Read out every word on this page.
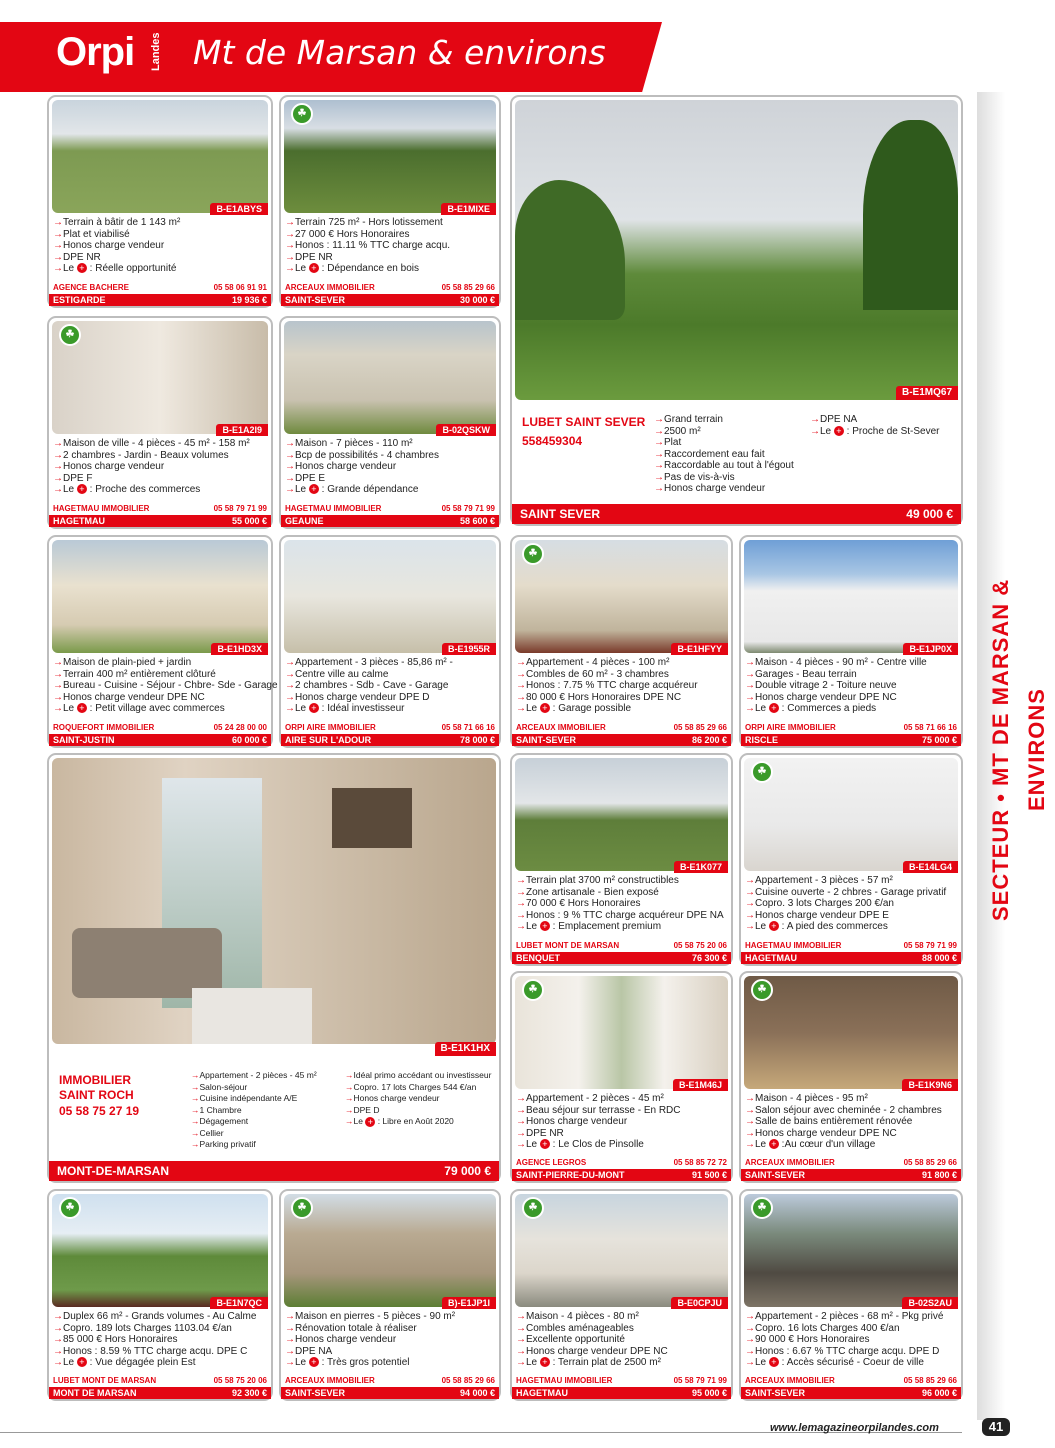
Orpi Landes Mt de Marsan & environs
SECTEUR • MT DE MARSAN & ENVIRONS
B-E1MQ67
LUBET SAINT SEVER
558459304
→ Grand terrain
→ 2500 m²
→ Plat
→ Raccordement eau fait
→ Raccordable au tout à l'égout
→ Pas de vis-à-vis
→ Honos charge vendeur
→ DPE NA
→ Le + : Proche de St-Sever
SAINT SEVER	49 000 €
B-E1K1HX
IMMOBILIER
SAINT ROCH
05 58 75 27 19
→ Appartement - 2 pièces - 45 m²
→ Salon-séjour
→ Cuisine indépendante A/E
→ 1 Chambre
→ Dégagement
→ Cellier
→ Parking privatif
→ Idéal primo accédant ou investisseur
→ Copro. 17 lots Charges 544 €/an
→ Honos charge vendeur
→ DPE D
→ Le + : Libre en Août 2020
MONT-DE-MARSAN	79 000 €
B-E1ABYS
→ Terrain à bâtir de 1 143 m²
→ Plat et viabilisé
→ Honos charge vendeur
→ DPE NR
→ Le + : Réelle opportunité
AGENCE BACHERE	05 58 06 91 91
ESTIGARDE	19 936 €
☘
B-E1MIXE
→ Terrain 725 m² - Hors lotissement
→ 27 000 € Hors Honoraires
→ Honos : 11.11 % TTC charge acqu.
→ DPE NR
→ Le + : Dépendance en bois
ARCEAUX IMMOBILIER	05 58 85 29 66
SAINT-SEVER	30 000 €
☘
B-E1A2I9
→ Maison de ville - 4 pièces - 45 m² - 158 m²
→ 2 chambres - Jardin - Beaux volumes
→ Honos charge vendeur
→ DPE F
→ Le + : Proche des commerces
HAGETMAU IMMOBILIER	05 58 79 71 99
HAGETMAU	55 000 €
B-02QSKW
→ Maison - 7 pièces - 110 m²
→ Bcp de possibilités - 4 chambres
→ Honos charge vendeur
→ DPE E
→ Le + : Grande dépendance
HAGETMAU IMMOBILIER	05 58 79 71 99
GEAUNE	58 600 €
B-E1HD3X
→ Maison de plain-pied + jardin
→ Terrain 400 m² entièrement clôturé
→ Bureau - Cuisine - Séjour - Chbre- Sde - Garage
→ Honos charge vendeur DPE NC
→ Le + : Petit village avec commerces
ROQUEFORT IMMOBILIER	05 24 28 00 00
SAINT-JUSTIN	60 000 €
B-E1955R
→ Appartement - 3 pièces - 85,86 m² -
→ Centre ville au calme
→ 2 chambres - Sdb - Cave - Garage
→ Honos charge vendeur DPE D
→ Le + : Idéal investisseur
ORPI AIRE IMMOBILIER	05 58 71 66 16
AIRE SUR L'ADOUR	78 000 €
☘
B-E1HFYY
→ Appartement - 4 pièces - 100 m²
→ Combles de 60 m² - 3 chambres
→ Honos : 7.75 % TTC charge acquéreur
→ 80 000 € Hors Honoraires DPE NC
→ Le + : Garage possible
ARCEAUX IMMOBILIER	05 58 85 29 66
SAINT-SEVER	86 200 €
B-E1JP0X
→ Maison - 4 pièces - 90 m² - Centre ville
→ Garages - Beau terrain
→ Double vitrage 2 - Toiture neuve
→ Honos charge vendeur DPE NC
→ Le + : Commerces a pieds
ORPI AIRE IMMOBILIER	05 58 71 66 16
RISCLE	75 000 €
B-E1K077
→ Terrain plat 3700 m² constructibles
→ Zone artisanale - Bien exposé
→ 70 000 € Hors Honoraires
→ Honos : 9 % TTC charge acquéreur DPE NA
→ Le + : Emplacement premium
LUBET MONT DE MARSAN	05 58 75 20 06
BENQUET	76 300 €
☘
B-E14LG4
→ Appartement - 3 pièces - 57 m²
→ Cuisine ouverte - 2 chbres - Garage privatif
→ Copro. 3 lots Charges 200 €/an
→ Honos charge vendeur DPE E
→ Le + : A pied des commerces
HAGETMAU IMMOBILIER	05 58 79 71 99
HAGETMAU	88 000 €
☘
B-E1M46J
→ Appartement - 2 pièces - 45 m²
→ Beau séjour sur terrasse - En RDC
→ Honos charge vendeur
→ DPE NR
→ Le + : Le Clos de Pinsolle
AGENCE LEGROS	05 58 85 72 72
SAINT-PIERRE-DU-MONT	91 500 €
☘
B-E1K9N6
→ Maison - 4 pièces - 95 m²
→ Salon séjour avec cheminée - 2 chambres
→ Salle de bains entièrement rénovée
→ Honos charge vendeur DPE NC
→ Le + :Au cœur d'un village
ARCEAUX IMMOBILIER	05 58 85 29 66
SAINT-SEVER	91 800 €
☘
B-E1N7QC
→ Duplex 66 m² - Grands volumes - Au Calme
→ Copro. 189 lots Charges 1103.04 €/an
→ 85 000 € Hors Honoraires
→ Honos : 8.59 % TTC charge acqu. DPE C
→ Le + : Vue dégagée plein Est
LUBET MONT DE MARSAN	05 58 75 20 06
MONT DE MARSAN	92 300 €
☘
B)-E1JP1I
→ Maison en pierres - 5 pièces - 90 m²
→ Rénovation totale à réaliser
→ Honos charge vendeur
→ DPE NA
→ Le + : Très gros potentiel
ARCEAUX IMMOBILIER	05 58 85 29 66
SAINT-SEVER	94 000 €
☘
B-E0CPJU
→ Maison - 4 pièces - 80 m²
→ Combles aménageables
→ Excellente opportunité
→ Honos charge vendeur DPE NC
→ Le + : Terrain plat de 2500 m²
HAGETMAU IMMOBILIER	05 58 79 71 99
HAGETMAU	95 000 €
☘
B-02S2AU
→ Appartement - 2 pièces - 68 m² - Pkg privé
→ Copro. 16 lots Charges 400 €/an
→ 90 000 € Hors Honoraires
→ Honos : 6.67 % TTC charge acqu. DPE D
→ Le + : Accès sécurisé - Coeur de ville
ARCEAUX IMMOBILIER	05 58 85 29 66
SAINT-SEVER	96 000 €
www.lemagazineorpilandes.com	41
